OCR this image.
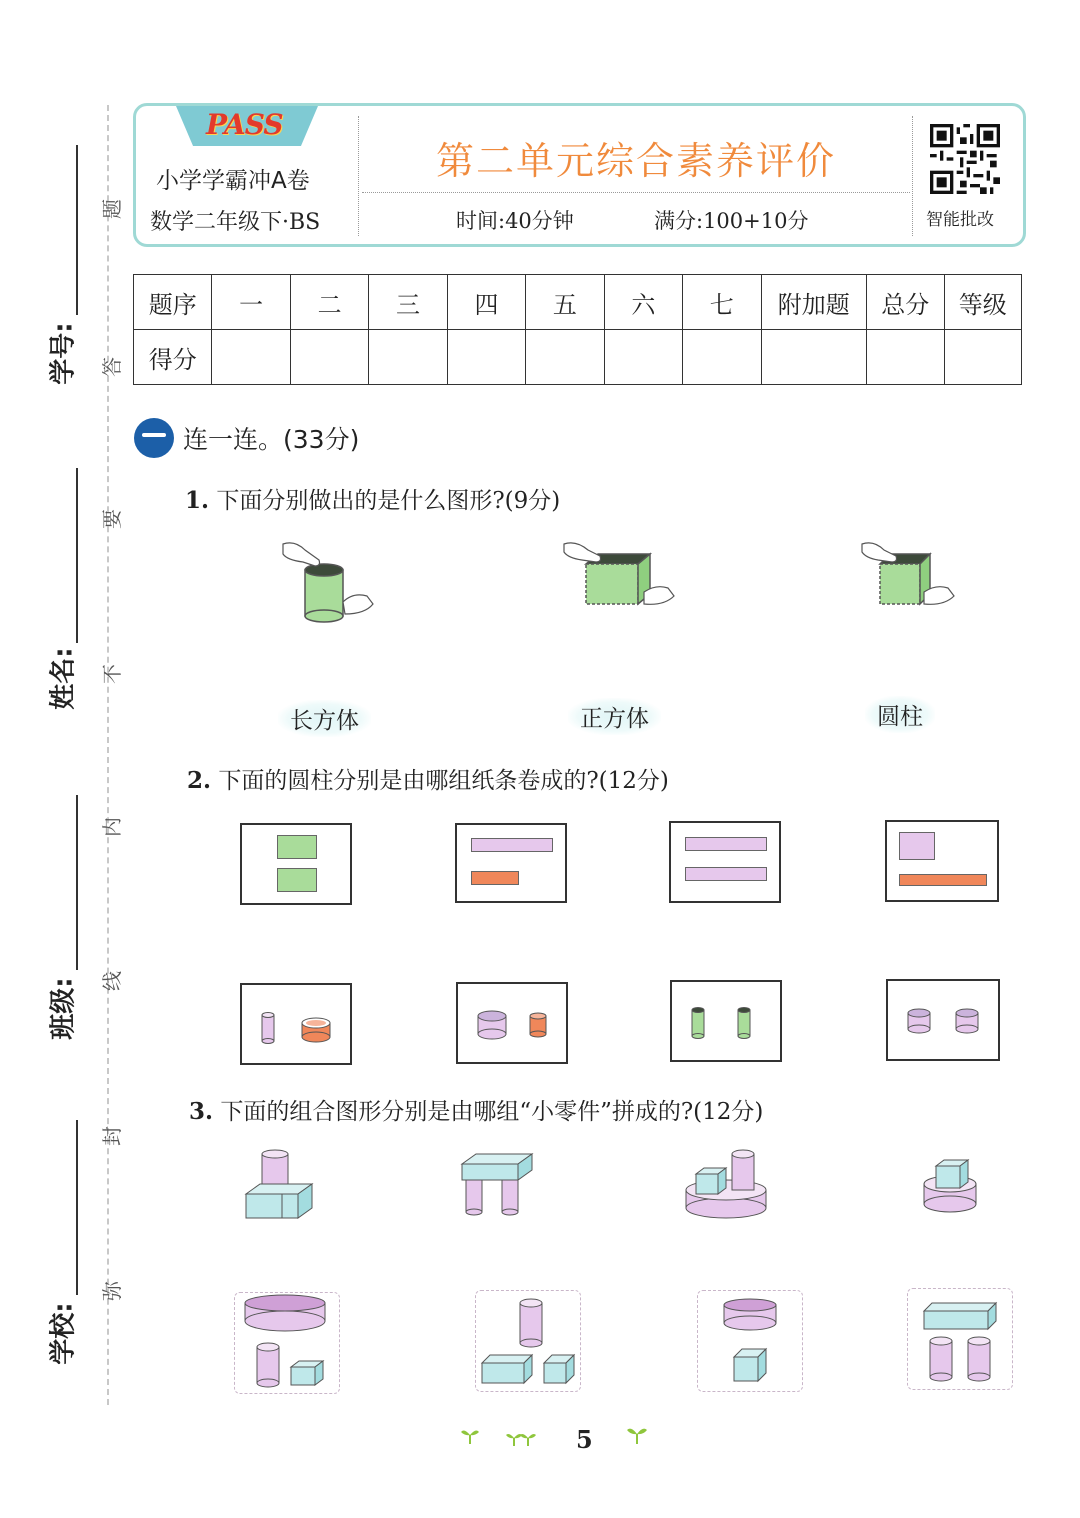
题
答
要
不
内
线
封
弥
学号:
姓名:
班级:
学校:
PASS
小学学霸冲A卷
数学二年级下·BS
第二单元综合素养评价
时间:40分钟	满分:100+10分	智能批改
题序	一	二	三	四	五	六	七	附加题	总分	等级
得分										
连一连。(33分)
1. 下面分别做出的是什么图形?(9分)
长方体	正方体	圆柱
2. 下面的圆柱分别是由哪组纸条卷成的?(12分)
3. 下面的组合图形分别是由哪组“小零件”拼成的?(12分)
5
